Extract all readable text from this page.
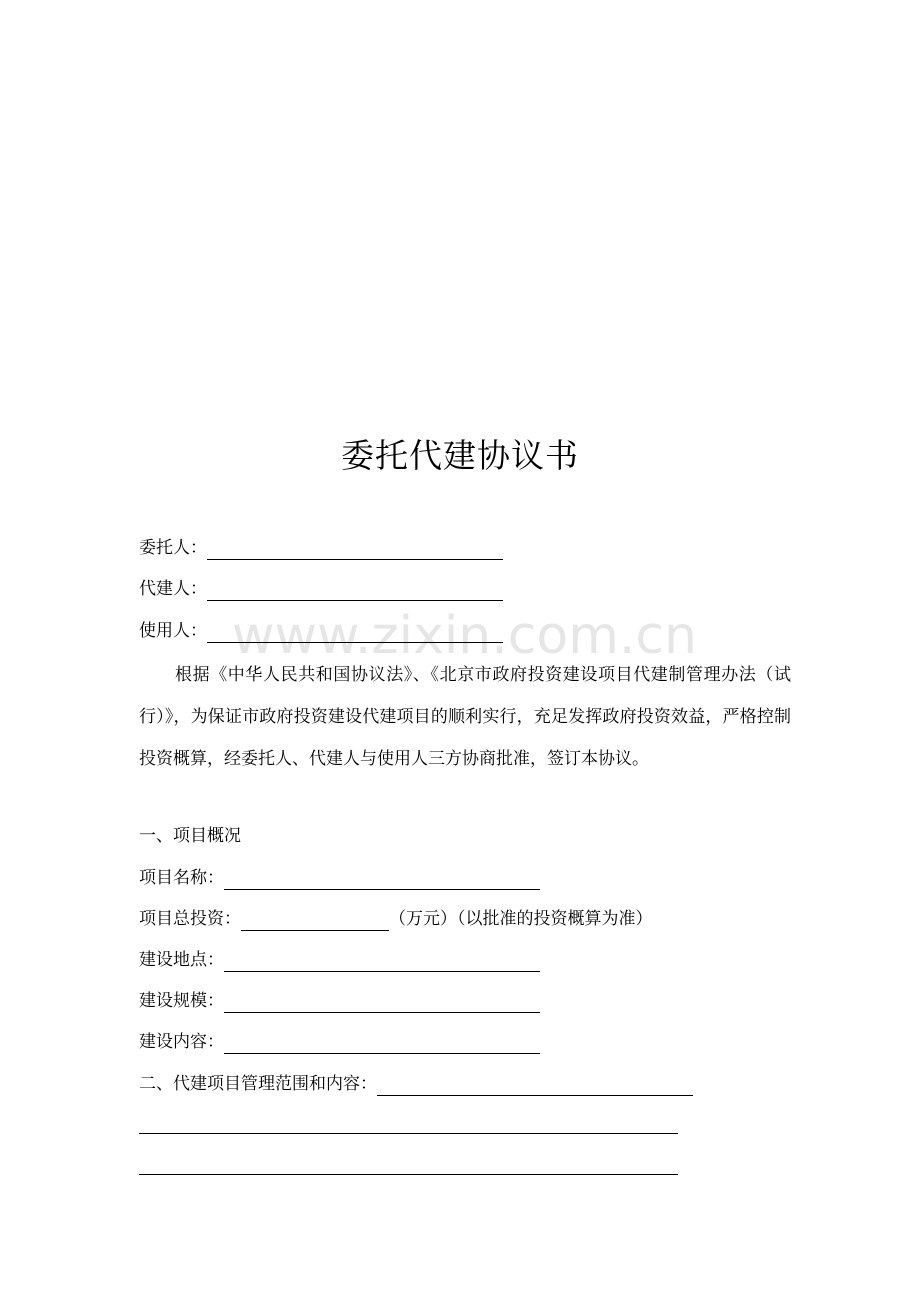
www.zixin.com.cn
委托代建协议书
委托人：
代建人：
使用人：
根据《中华人民共和国协议法》、《北京市政府投资建设项目代建制管理办法（试行）》，为保证市政府投资建设代建项目的顺利实行，充足发挥政府投资效益，严格控制投资概算，经委托人、代建人与使用人三方协商批准，签订本协议。
一、项目概况
项目名称：
项目总投资：	（万元）（以批准的投资概算为准）
建设地点：
建设规模：
建设内容：
二、代建项目管理范围和内容：
